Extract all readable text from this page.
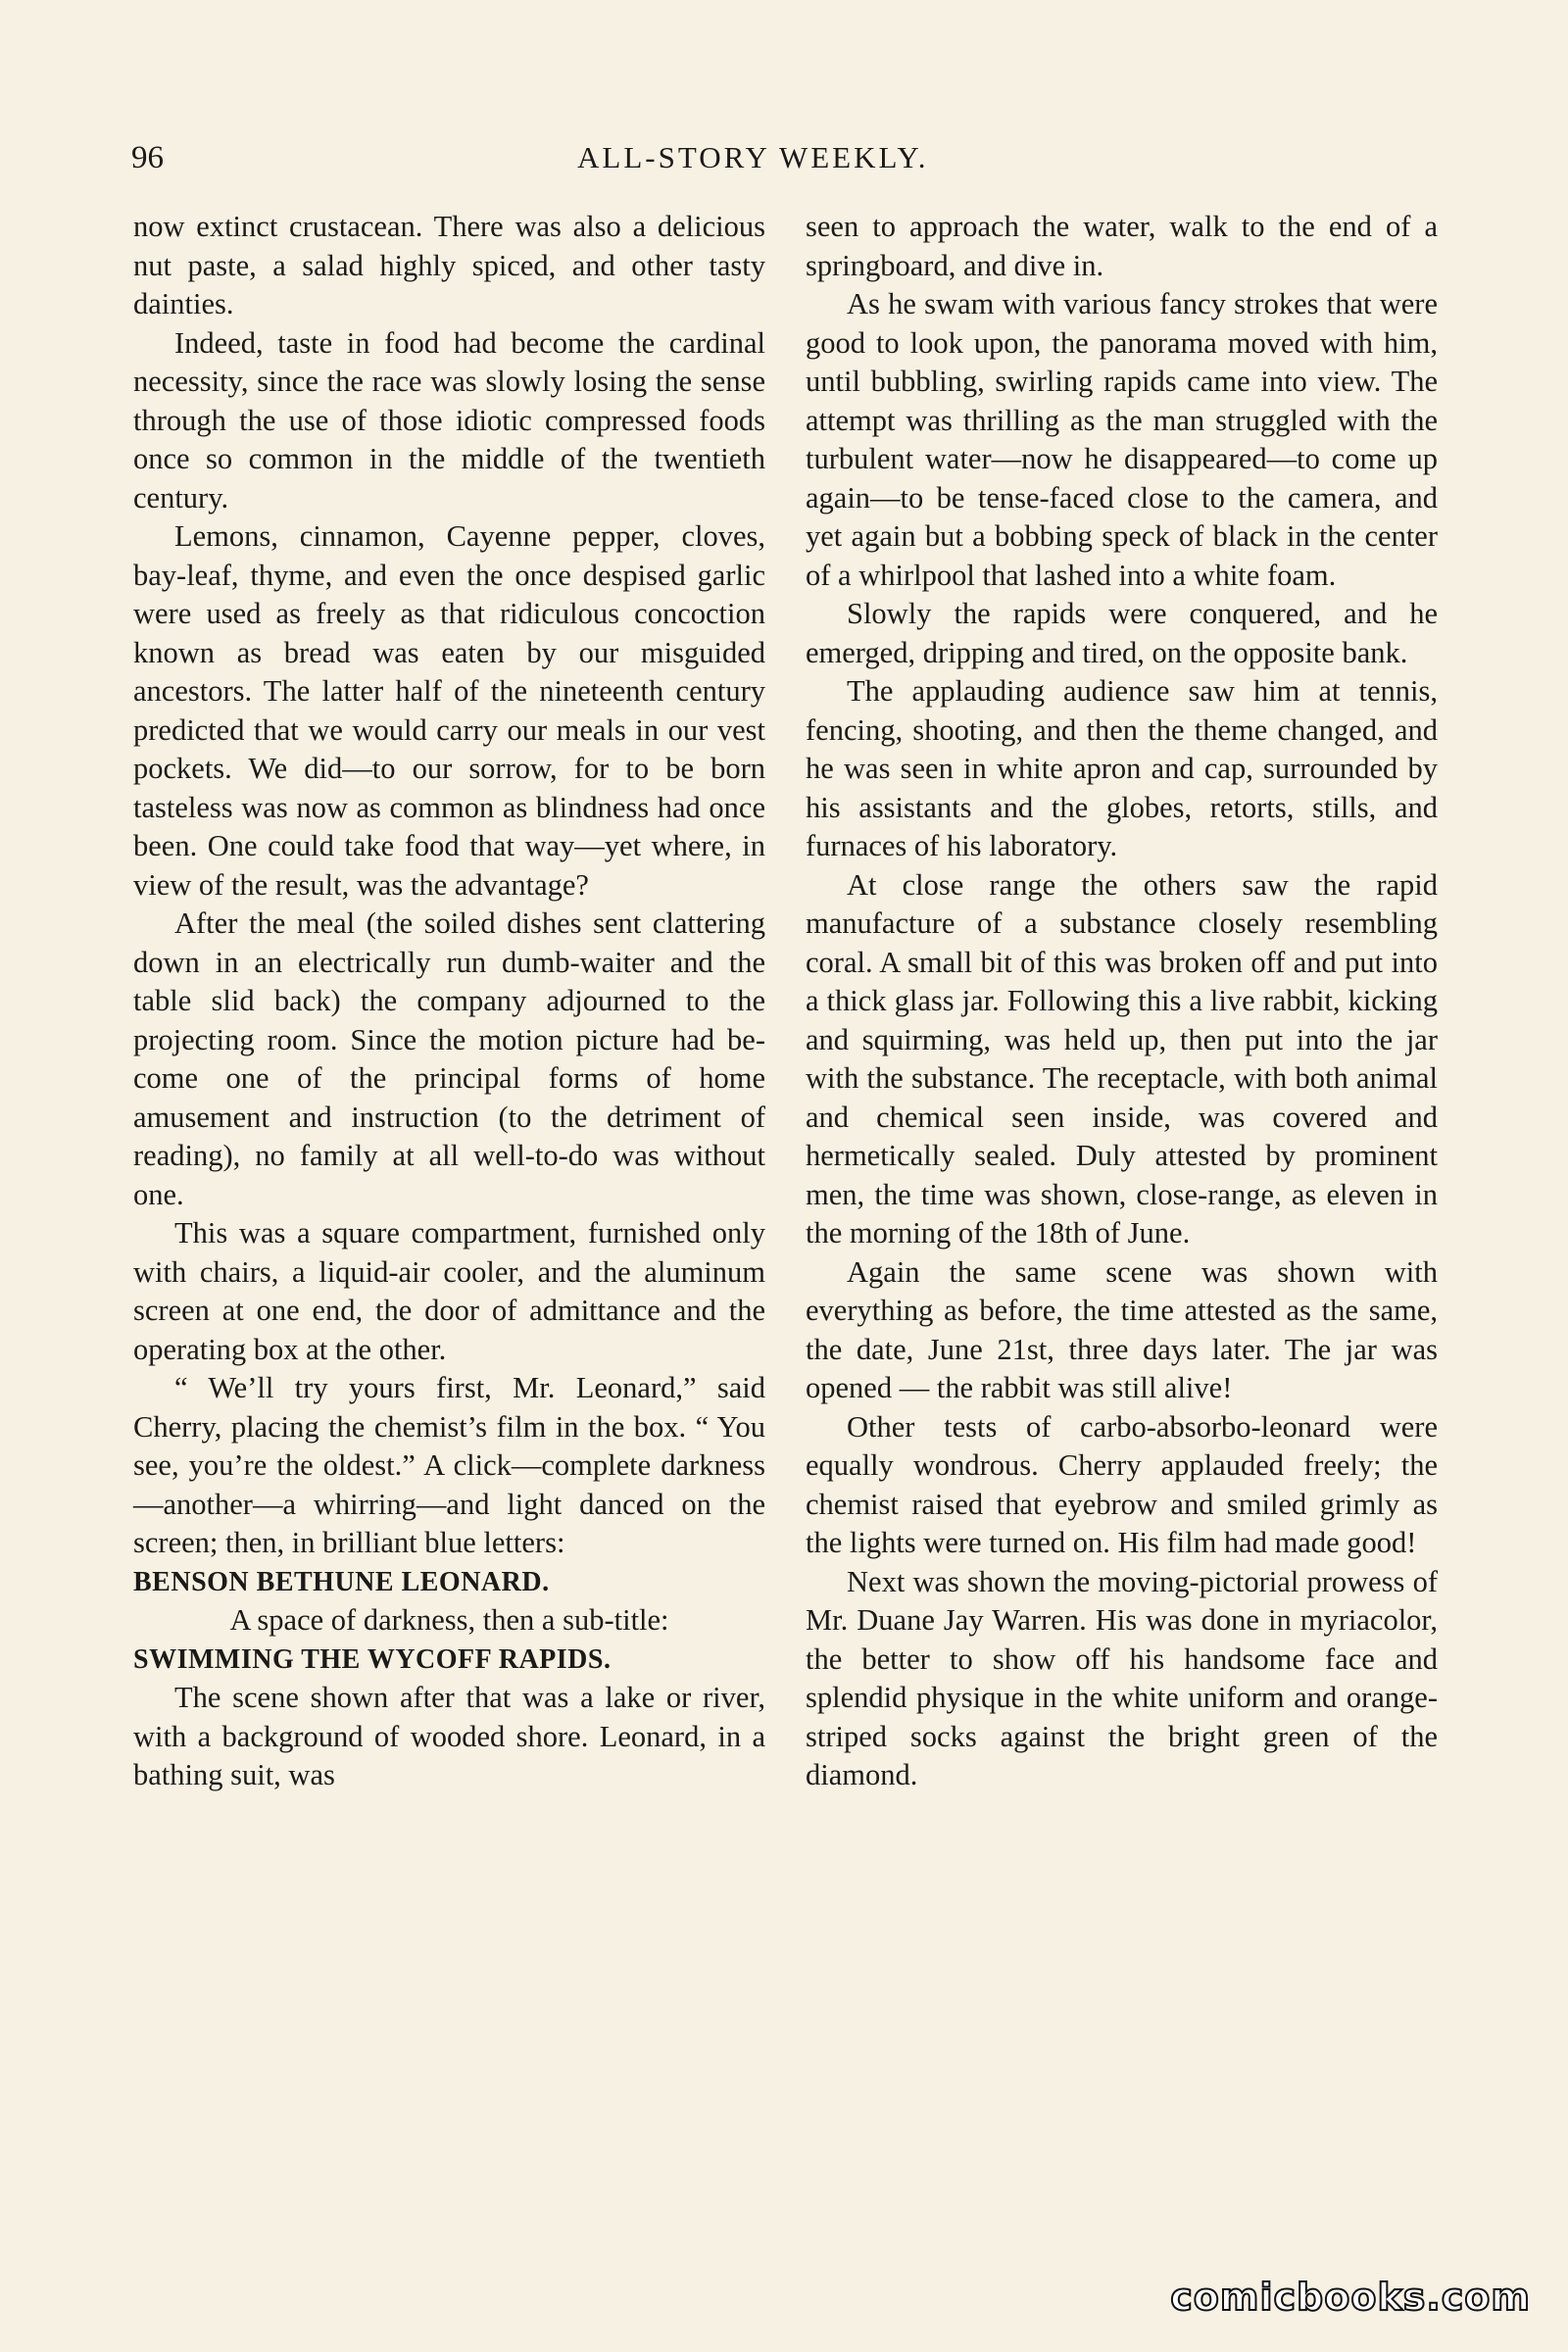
96	ALL-STORY WEEKLY.

now extinct crustacean. There was also a delicious nut paste, a salad highly spiced, and other tasty dainties.

Indeed, taste in food had become the cardinal necessity, since the race was slowly losing the sense through the use of those idiotic compressed foods once so common in the middle of the twentieth century.

Lemons, cinnamon, Cayenne pepper, cloves, bay-leaf, thyme, and even the once despised garlic were used as freely as that ridiculous concoction known as bread was eaten by our misguided ancestors. The latter half of the nineteenth century predicted that we would carry our meals in our vest pockets. We did—to our sorrow, for to be born tasteless was now as common as blindness had once been. One could take food that way—yet where, in view of the result, was the advantage?

After the meal (the soiled dishes sent clattering down in an electrically run dumb-waiter and the table slid back) the company adjourned to the projecting room. Since the motion picture had become one of the principal forms of home amusement and instruction (to the detriment of reading), no family at all well-to-do was without one.

This was a square compartment, furnished only with chairs, a liquid-air cooler, and the aluminum screen at one end, the door of admittance and the operating box at the other.

“ We’ll try yours first, Mr. Leonard,” said Cherry, placing the chemist’s film in the box. “ You see, you’re the oldest.” A click—complete darkness—another—a whirring—and light danced on the screen; then, in brilliant blue letters:

BENSON BETHUNE LEONARD.

A space of darkness, then a sub-title:

SWIMMING THE WYCOFF RAPIDS.

The scene shown after that was a lake or river, with a background of wooded shore. Leonard, in a bathing suit, was

seen to approach the water, walk to the end of a springboard, and dive in.

As he swam with various fancy strokes that were good to look upon, the panorama moved with him, until bubbling, swirling rapids came into view. The attempt was thrilling as the man struggled with the turbulent water—now he disappeared—to come up again—to be tense-faced close to the camera, and yet again but a bobbing speck of black in the center of a whirlpool that lashed into a white foam.

Slowly the rapids were conquered, and he emerged, dripping and tired, on the opposite bank.

The applauding audience saw him at tennis, fencing, shooting, and then the theme changed, and he was seen in white apron and cap, surrounded by his assistants and the globes, retorts, stills, and furnaces of his laboratory.

At close range the others saw the rapid manufacture of a substance closely resembling coral. A small bit of this was broken off and put into a thick glass jar. Following this a live rabbit, kicking and squirming, was held up, then put into the jar with the substance. The receptacle, with both animal and chemical seen inside, was covered and hermetically sealed. Duly attested by prominent men, the time was shown, close-range, as eleven in the morning of the 18th of June.

Again the same scene was shown with everything as before, the time attested as the same, the date, June 21st, three days later. The jar was opened — the rabbit was still alive!

Other tests of carbo-absorbo-leonard were equally wondrous. Cherry applauded freely; the chemist raised that eyebrow and smiled grimly as the lights were turned on. His film had made good!

Next was shown the moving-pictorial prowess of Mr. Duane Jay Warren. His was done in myriacolor, the better to show off his handsome face and splendid physique in the white uniform and orange-striped socks against the bright green of the diamond.

comicbooks.com
